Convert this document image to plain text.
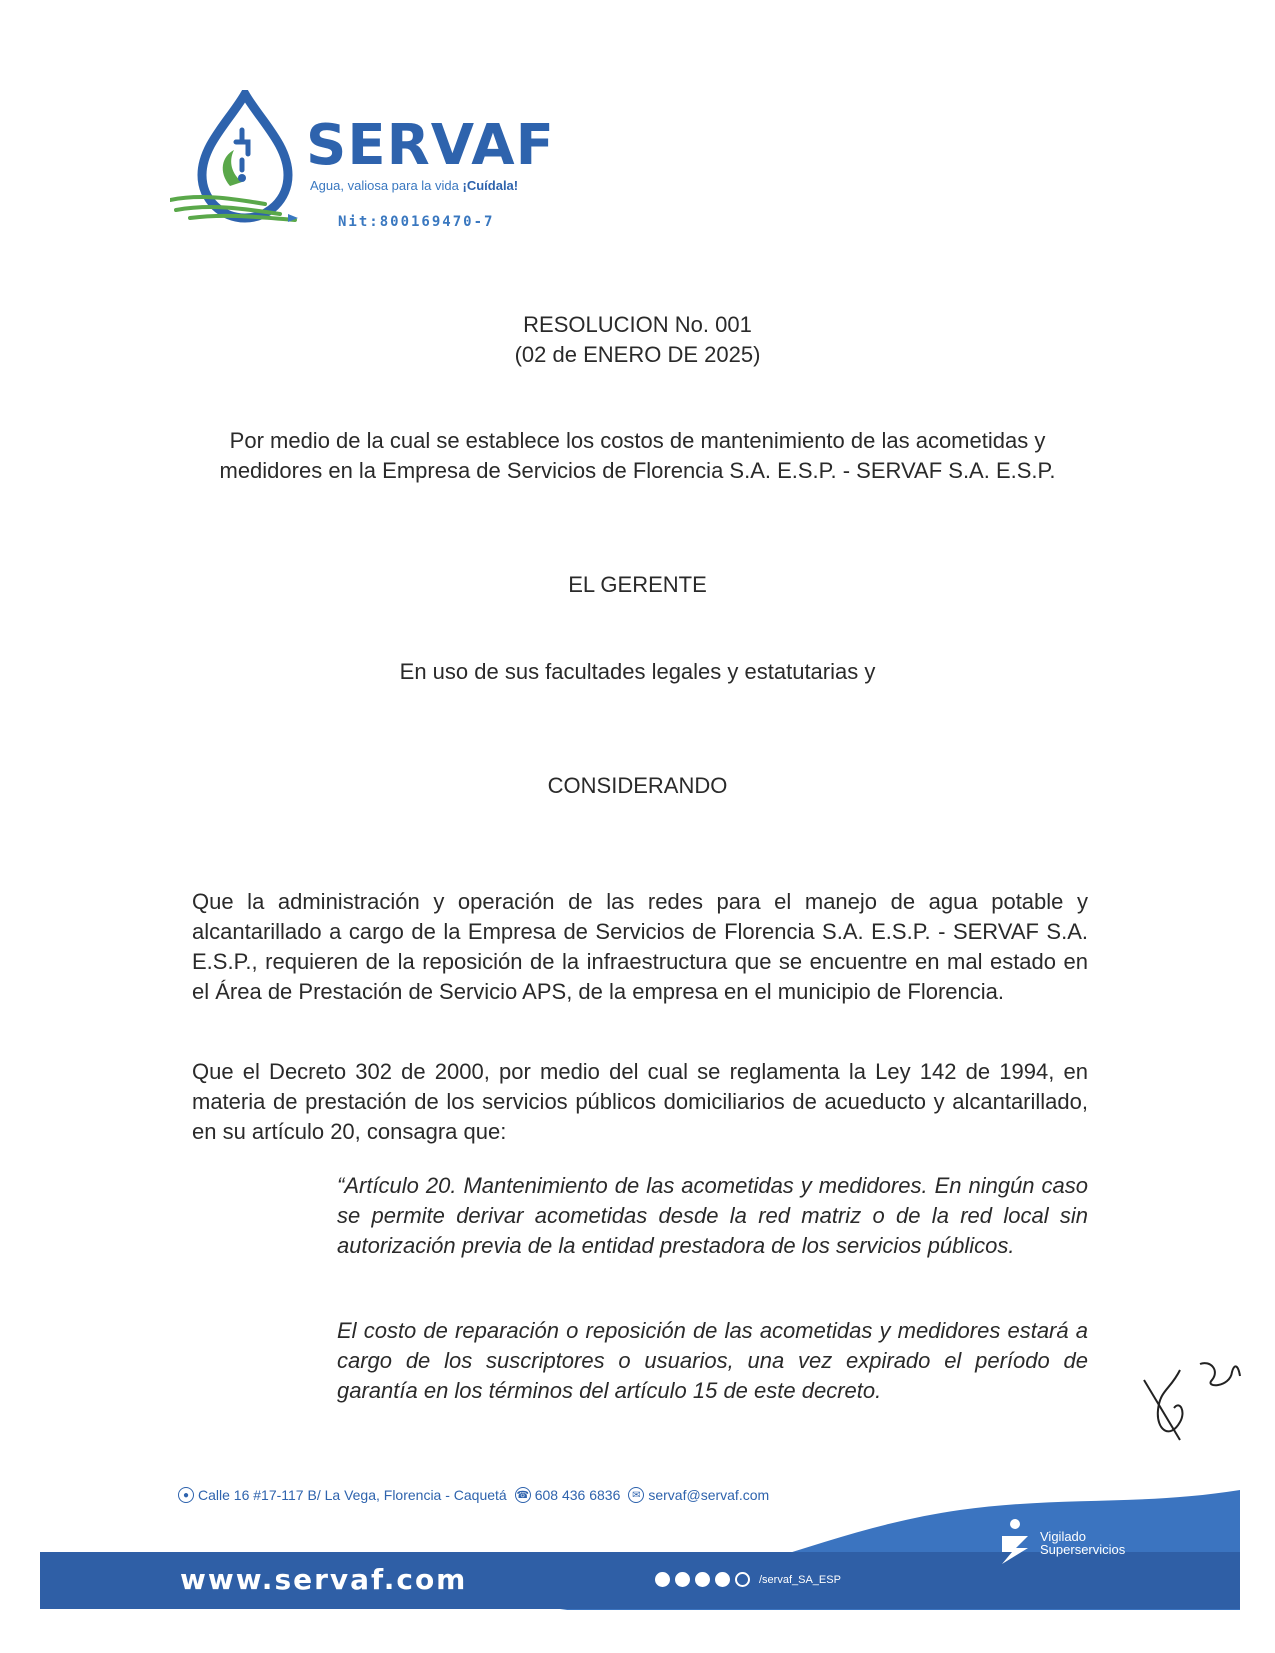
SERVAF
Agua, valiosa para la vida ¡Cuídala!
Nit:800169470-7
RESOLUCION No. 001
(02 de ENERO DE 2025)
Por medio de la cual se establece los costos de mantenimiento de las acometidas y medidores en la Empresa de Servicios de Florencia S.A. E.S.P. - SERVAF S.A. E.S.P.
EL GERENTE
En uso de sus facultades legales y estatutarias y
CONSIDERANDO
Que la administración y operación de las redes para el manejo de agua potable y alcantarillado a cargo de la Empresa de Servicios de Florencia S.A. E.S.P. - SERVAF S.A. E.S.P., requieren de la reposición de la infraestructura que se encuentre en mal estado en el Área de Prestación de Servicio APS, de la empresa en el municipio de Florencia.
Que el Decreto 302 de 2000, por medio del cual se reglamenta la Ley 142 de 1994, en materia de prestación de los servicios públicos domiciliarios de acueducto y alcantarillado, en su artículo 20, consagra que:
“Artículo 20. Mantenimiento de las acometidas y medidores. En ningún caso se permite derivar acometidas desde la red matriz o de la red local sin autorización previa de la entidad prestadora de los servicios públicos.
El costo de reparación o reposición de las acometidas y medidores estará a cargo de los suscriptores o usuarios, una vez expirado el período de garantía en los términos del artículo 15 de este decreto.
● Calle 16 #17-117 B/ La Vega, Florencia - Caquetá ☎ 608 436 6836	✉ servaf@servaf.com
www.servaf.com	/servaf_SA_ESP
Vigilado
Superservicios
